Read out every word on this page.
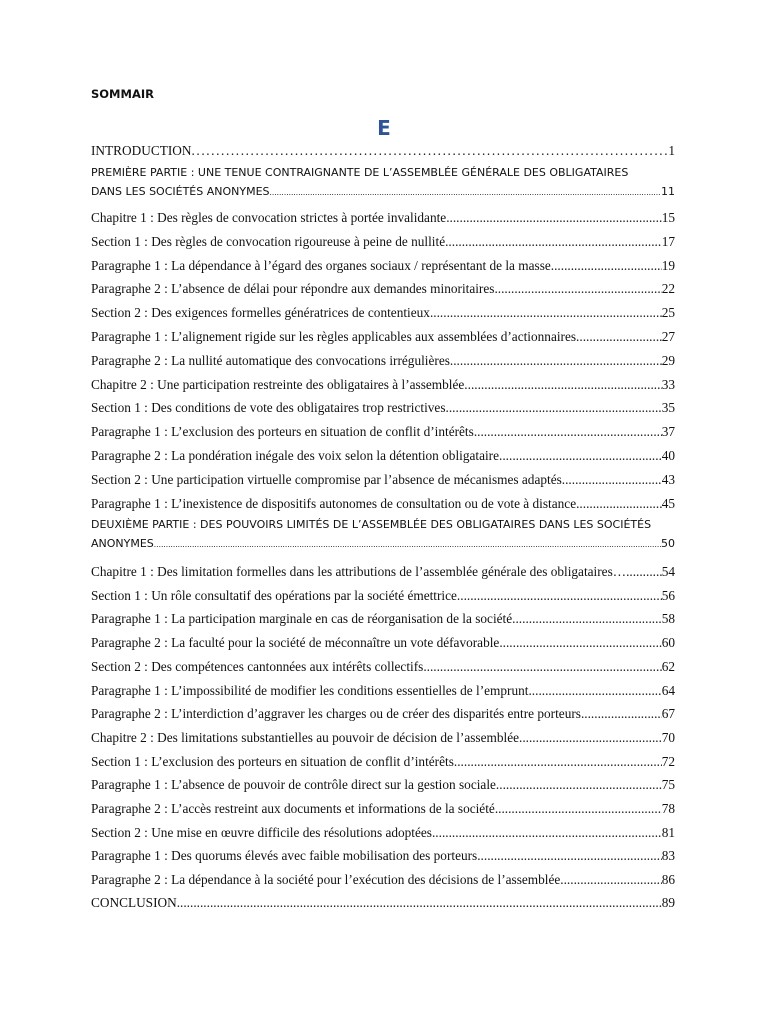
SOMMAIR
E
INTRODUCTION .....	1
PREMIÈRE PARTIE : UNE TENUE CONTRAIGNANTE DE L’ASSEMBLÉE GÉNÉRALE DES OBLIGATAIRES
DANS LES SOCIÉTÉS ANONYMES .....	11
Chapitre 1 : Des règles de convocation strictes à portée invalidante .....	15
Section 1 : Des règles de convocation rigoureuse à peine de nullité .....	17
Paragraphe 1 : La dépendance à l’égard des organes sociaux / représentant de la masse .....	19
Paragraphe 2 : L’absence de délai pour répondre aux demandes minoritaires .....	22
Section 2 : Des exigences formelles génératrices de contentieux .....	25
Paragraphe 1 : L’alignement rigide sur les règles applicables aux assemblées d’actionnaires .....	27
Paragraphe 2 : La nullité automatique des convocations irrégulières .....	29
Chapitre 2 : Une participation restreinte des obligataires à l’assemblée .....	33
Section 1 : Des conditions de vote des obligataires trop restrictives .....	35
Paragraphe 1 : L’exclusion des porteurs en situation de conflit d’intérêts .....	37
Paragraphe 2 : La pondération inégale des voix selon la détention obligataire .....	40
Section 2 : Une participation virtuelle compromise par l’absence de mécanismes adaptés .....	43
Paragraphe 1 : L’inexistence de dispositifs autonomes de consultation ou de vote à distance .....	45
DEUXIÈME PARTIE : DES POUVOIRS LIMITÉS DE L’ASSEMBLÉE DES OBLIGATAIRES DANS LES SOCIÉTÉS
ANONYMES .....	50
Chapitre 1 : Des limitation formelles dans les attributions de l’assemblée générale des obligataires… .....	54
Section 1 : Un rôle consultatif des opérations par la société émettrice .....	56
Paragraphe 1 : La participation marginale en cas de réorganisation de la société .....	58
Paragraphe 2 : La faculté pour la société de méconnaître un vote défavorable .....	60
Section 2 : Des compétences cantonnées aux intérêts collectifs .....	62
Paragraphe 1 : L’impossibilité de modifier les conditions essentielles de l’emprunt .....	64
Paragraphe 2 : L’interdiction d’aggraver les charges ou de créer des disparités entre porteurs .....	67
Chapitre 2 : Des limitations substantielles au pouvoir de décision de l’assemblée .....	70
Section 1 : L’exclusion des porteurs en situation de conflit d’intérêts .....	72
Paragraphe 1 : L’absence de pouvoir de contrôle direct sur la gestion sociale .....	75
Paragraphe 2 : L’accès restreint aux documents et informations de la société .....	78
Section 2 : Une mise en œuvre difficile des résolutions adoptées .....	81
Paragraphe 1 : Des quorums élevés avec faible mobilisation des porteurs .....	83
Paragraphe 2 : La dépendance à la société pour l’exécution des décisions de l’assemblée .....	86
CONCLUSION .....	89
